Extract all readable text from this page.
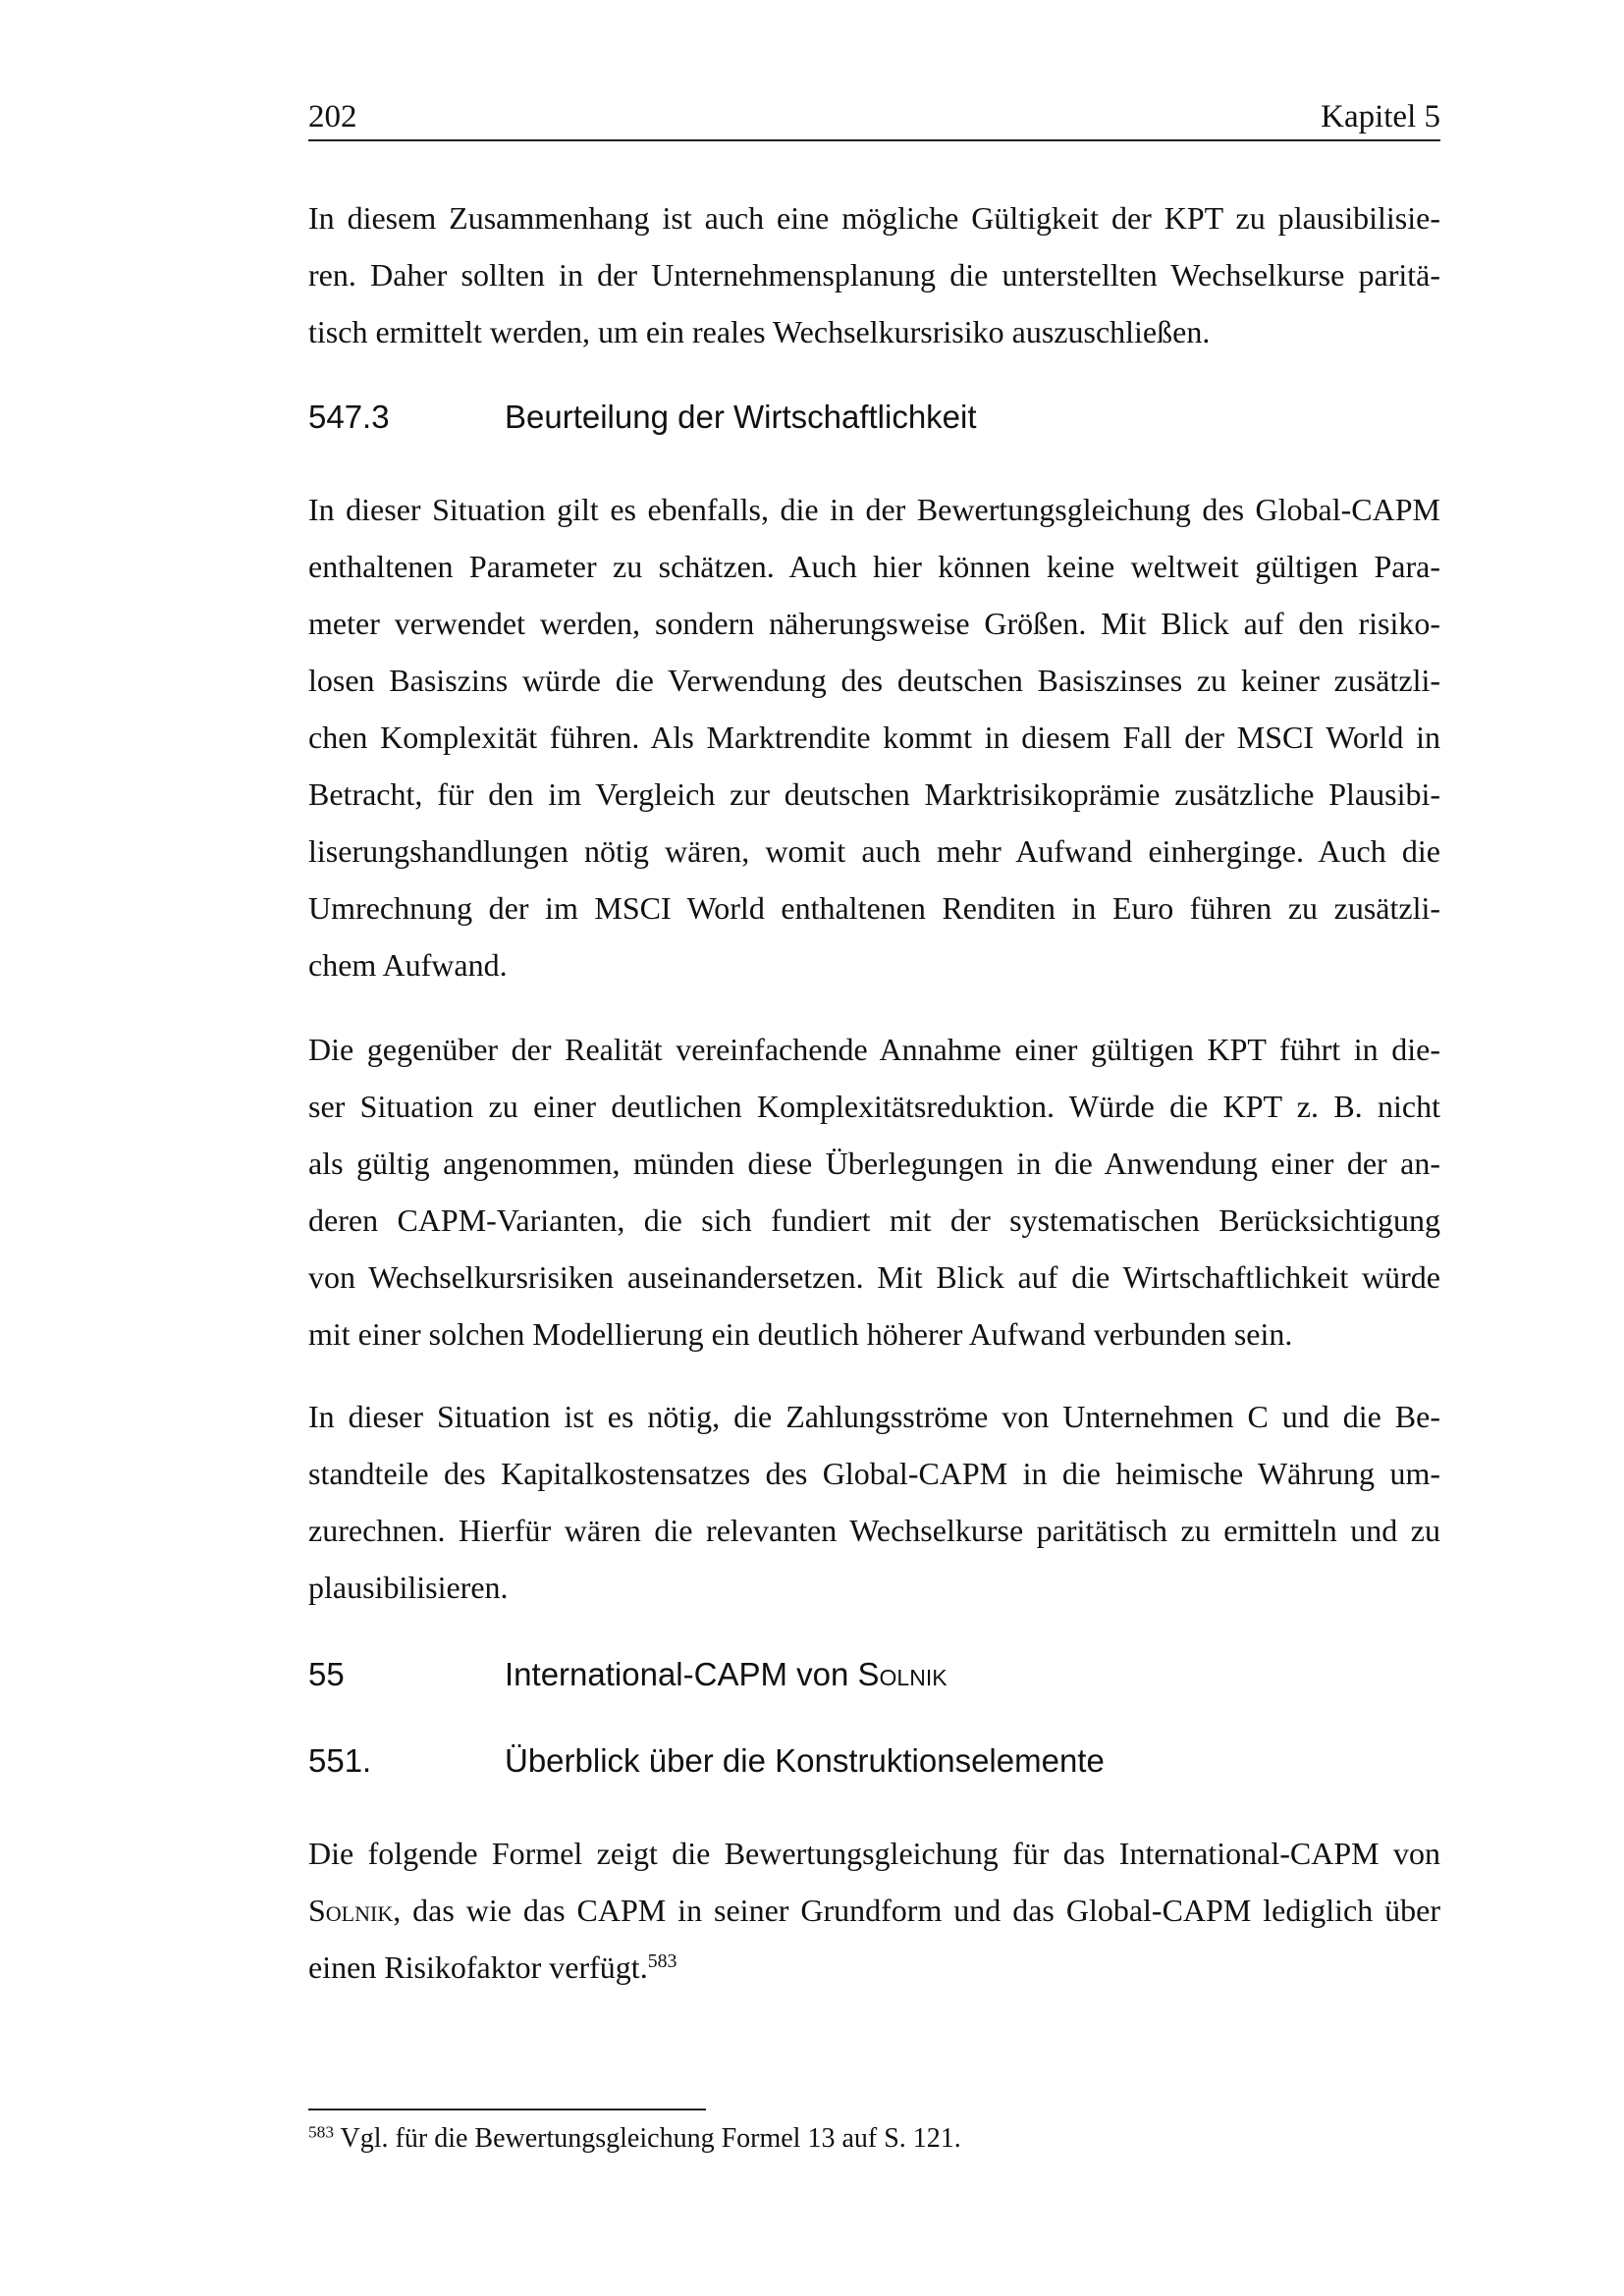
202	Kapitel 5
In diesem Zusammenhang ist auch eine mögliche Gültigkeit der KPT zu plausibilisie-
ren. Daher sollten in der Unternehmensplanung die unterstellten Wechselkurse paritä-
tisch ermittelt werden, um ein reales Wechselkursrisiko auszuschließen.
547.3	Beurteilung der Wirtschaftlichkeit
In dieser Situation gilt es ebenfalls, die in der Bewertungsgleichung des Global-CAPM
enthaltenen Parameter zu schätzen. Auch hier können keine weltweit gültigen Para-
meter verwendet werden, sondern näherungsweise Größen. Mit Blick auf den risiko-
losen Basiszins würde die Verwendung des deutschen Basiszinses zu keiner zusätzli-
chen Komplexität führen. Als Marktrendite kommt in diesem Fall der MSCI World in
Betracht, für den im Vergleich zur deutschen Marktrisikoprämie zusätzliche Plausibi-
liserungshandlungen nötig wären, womit auch mehr Aufwand einherginge. Auch die
Umrechnung der im MSCI World enthaltenen Renditen in Euro führen zu zusätzli-
chem Aufwand.
Die gegenüber der Realität vereinfachende Annahme einer gültigen KPT führt in die-
ser Situation zu einer deutlichen Komplexitätsreduktion. Würde die KPT z. B. nicht
als gültig angenommen, münden diese Überlegungen in die Anwendung einer der an-
deren CAPM-Varianten, die sich fundiert mit der systematischen Berücksichtigung
von Wechselkursrisiken auseinandersetzen. Mit Blick auf die Wirtschaftlichkeit würde
mit einer solchen Modellierung ein deutlich höherer Aufwand verbunden sein.
In dieser Situation ist es nötig, die Zahlungsströme von Unternehmen C und die Be-
standteile des Kapitalkostensatzes des Global-CAPM in die heimische Währung um-
zurechnen. Hierfür wären die relevanten Wechselkurse paritätisch zu ermitteln und zu
plausibilisieren.
55	International-CAPM von Solnik
551.	Überblick über die Konstruktionselemente
Die folgende Formel zeigt die Bewertungsgleichung für das International-CAPM von
Solnik, das wie das CAPM in seiner Grundform und das Global-CAPM lediglich über
einen Risikofaktor verfügt.$^{583}$
$^{583}$ Vgl. für die Bewertungsgleichung Formel 13 auf S. 121.
